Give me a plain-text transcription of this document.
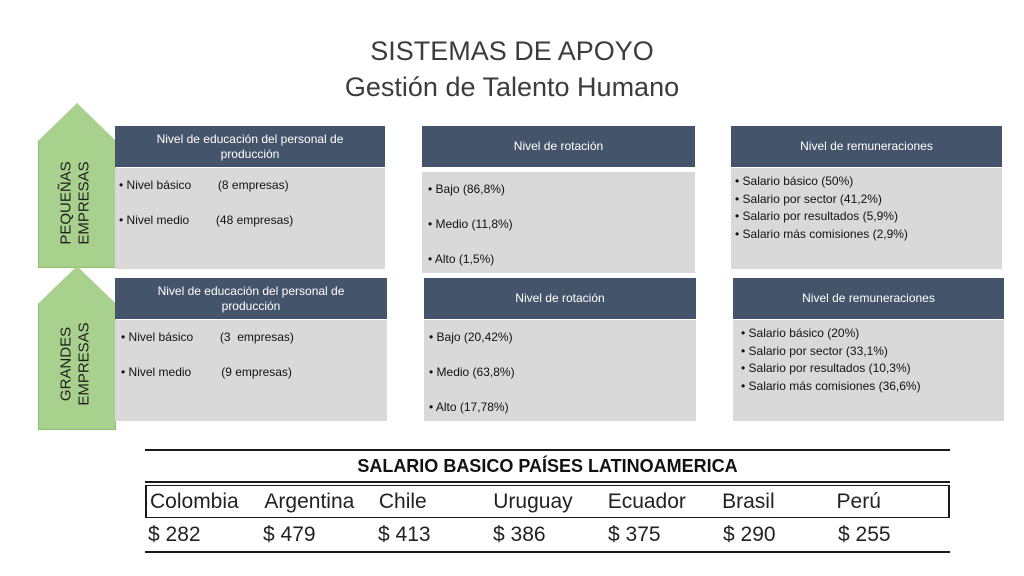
SISTEMAS DE APOYO
Gestión de Talento Humano
PEQUEÑAS EMPRESAS
GRANDES EMPRESAS
Nivel de educación del personal de producción
• Nivel básico        (8 empresas)
• Nivel medio        (48 empresas)
Nivel de rotación
• Bajo (86,8%)
• Medio (11,8%)
• Alto (1,5%)
Nivel de remuneraciones
• Salario básico (50%)
• Salario por sector (41,2%)
• Salario por resultados (5,9%)
• Salario más comisiones (2,9%)
Nivel de educación del personal de producción
• Nivel básico        (3  empresas)
• Nivel medio         (9 empresas)
Nivel de rotación
• Bajo (20,42%)
• Medio (63,8%)
• Alto (17,78%)
Nivel de remuneraciones
• Salario básico (20%)
• Salario por sector (33,1%)
• Salario por resultados (10,3%)
• Salario más comisiones (36,6%)
SALARIO BASICO PAÍSES LATINOAMERICA
Colombia	Argentina	Chile	Uruguay	Ecuador	Brasil	Perú
$ 282	$ 479	$ 413	$ 386	$ 375	$ 290	$ 255
